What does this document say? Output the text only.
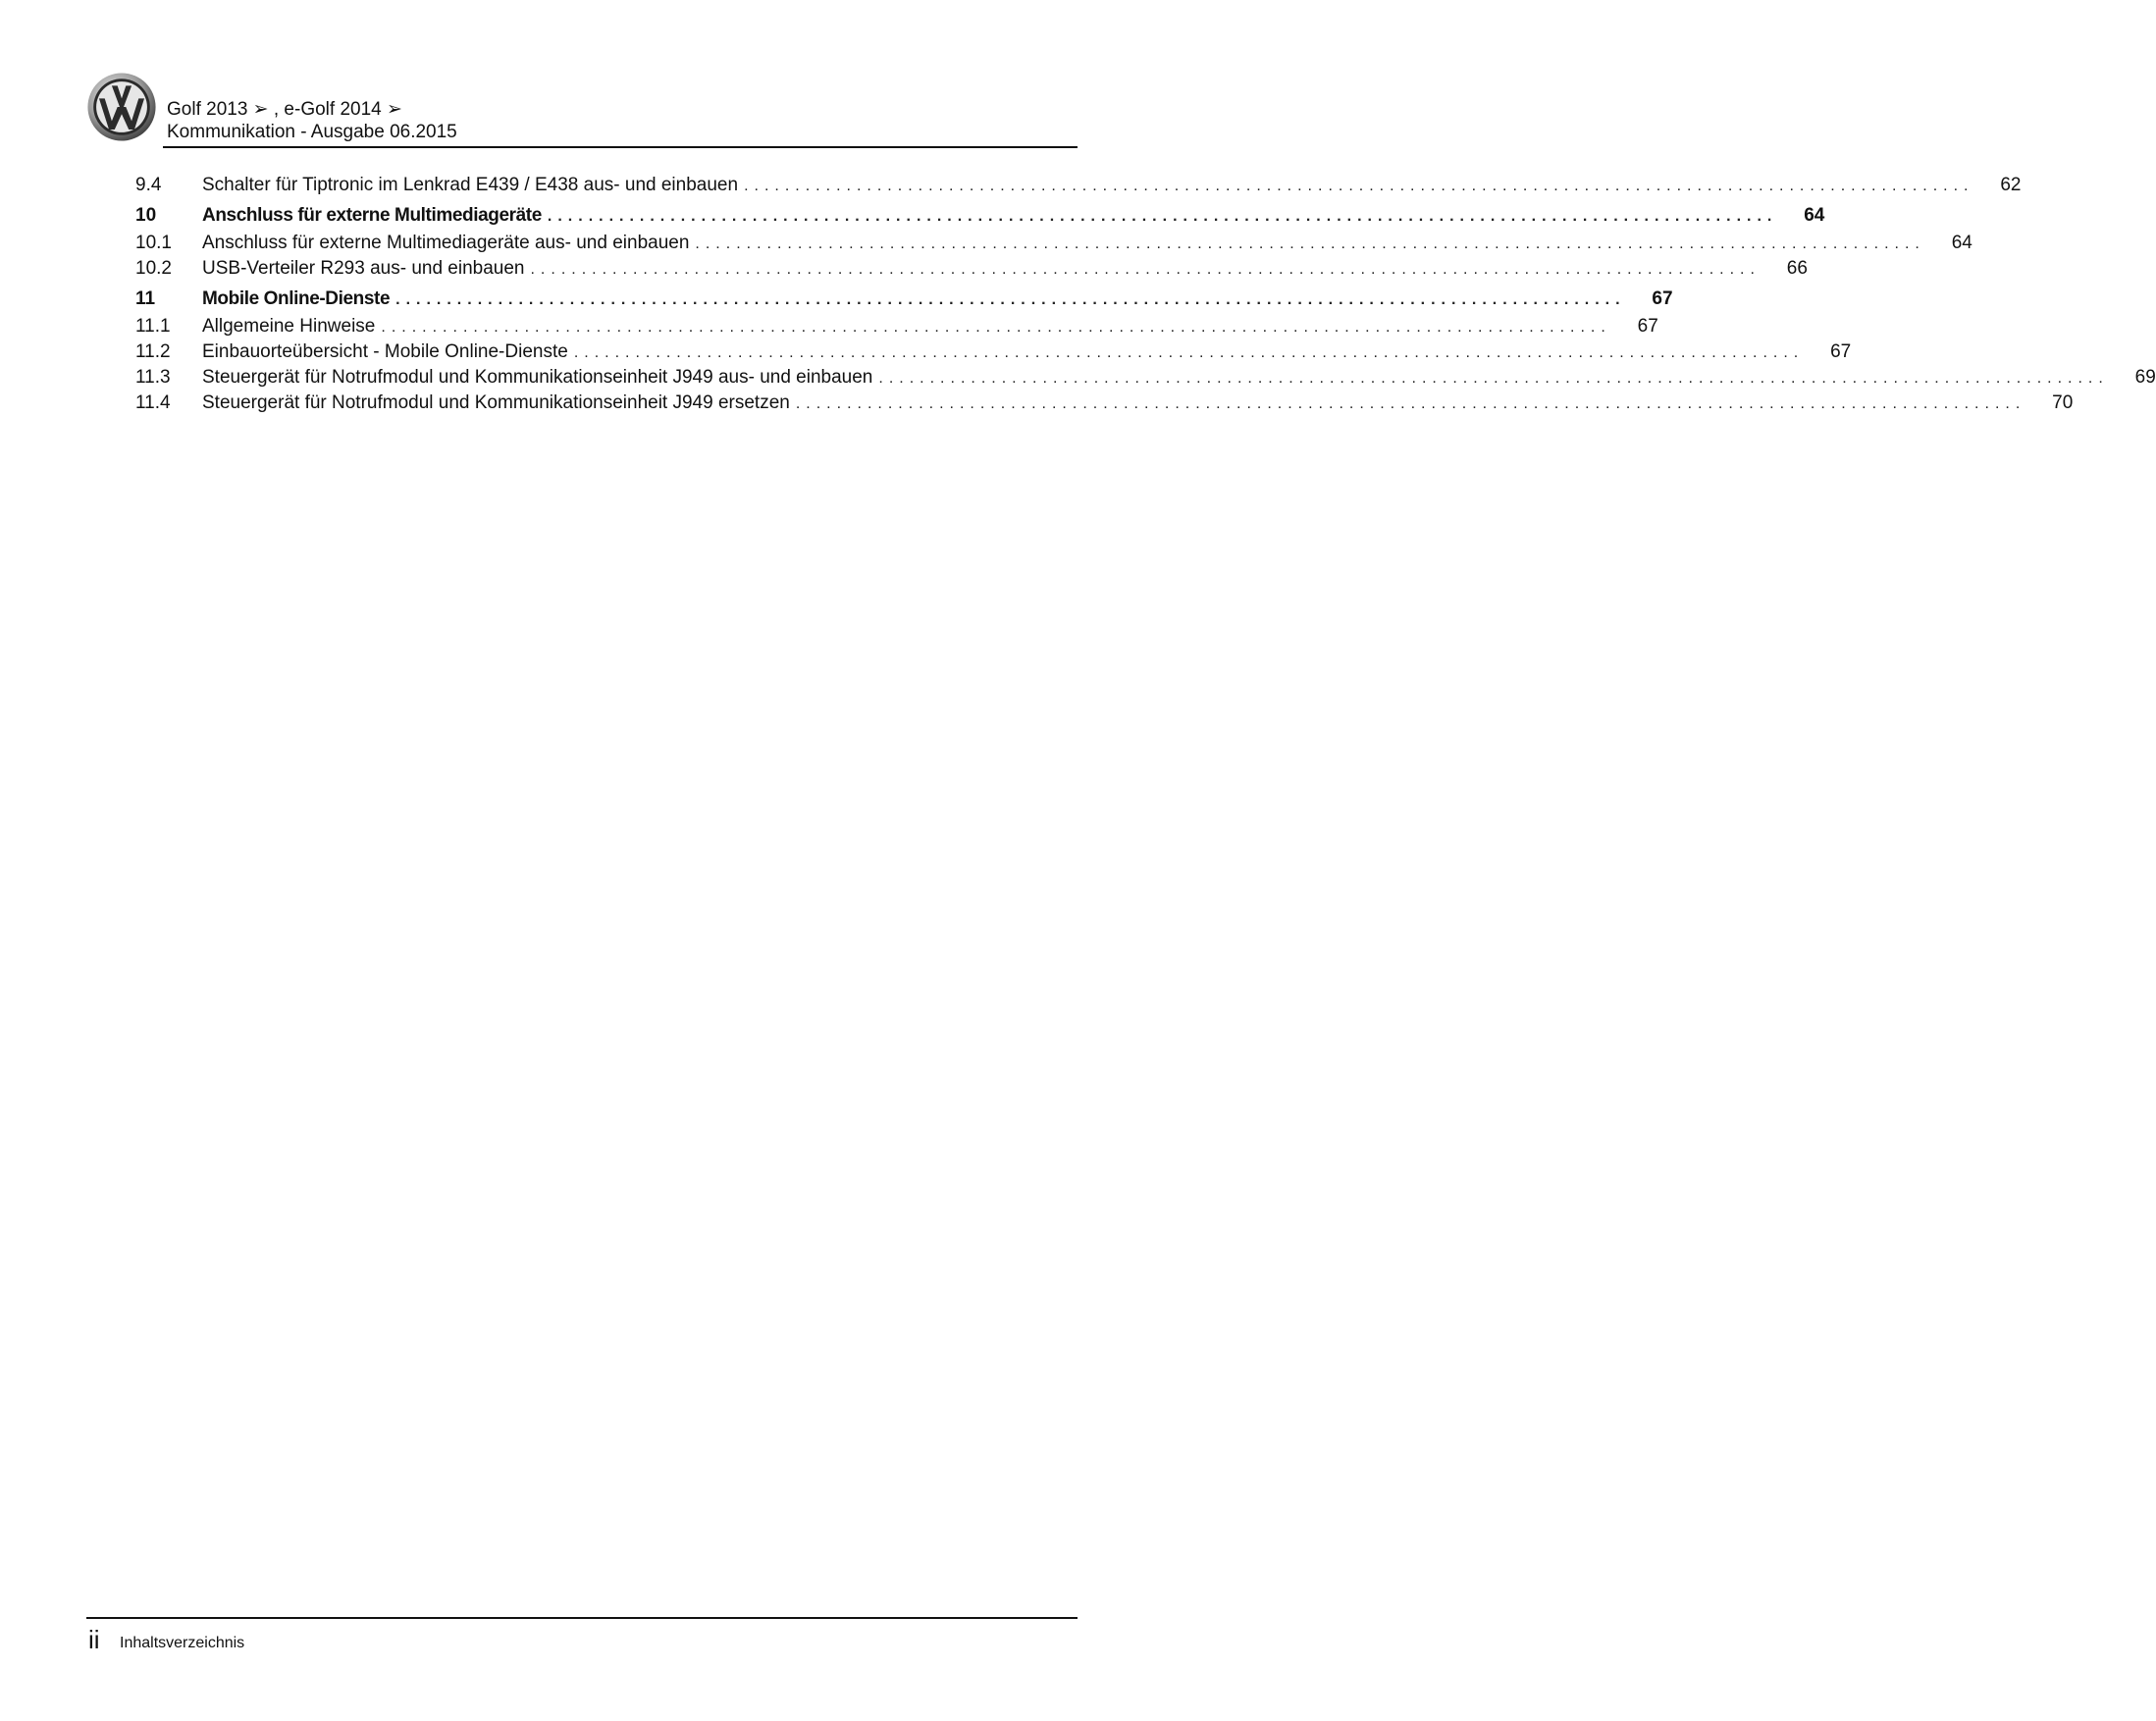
Golf 2013 ➢ , e-Golf 2014 ➢
Kommunikation - Ausgabe 06.2015
9.4	Schalter für Tiptronic im Lenkrad E439 / E438 aus- und einbauen ........................................................................................................................	62
10	Anschluss für externe Multimediageräte ........................................................................................................................	64
10.1	Anschluss für externe Multimediageräte aus- und einbauen ........................................................................................................................	64
10.2	USB-Verteiler R293 aus- und einbauen ........................................................................................................................	66
11	Mobile Online-Dienste ........................................................................................................................	67
11.1	Allgemeine Hinweise ........................................................................................................................	67
11.2	Einbauorteübersicht - Mobile Online-Dienste ........................................................................................................................	67
11.3	Steuergerät für Notrufmodul und Kommunikationseinheit J949 aus- und einbauen ........................................................................................................................	69
11.4	Steuergerät für Notrufmodul und Kommunikationseinheit J949 ersetzen ........................................................................................................................	70
ii Inhaltsverzeichnis
